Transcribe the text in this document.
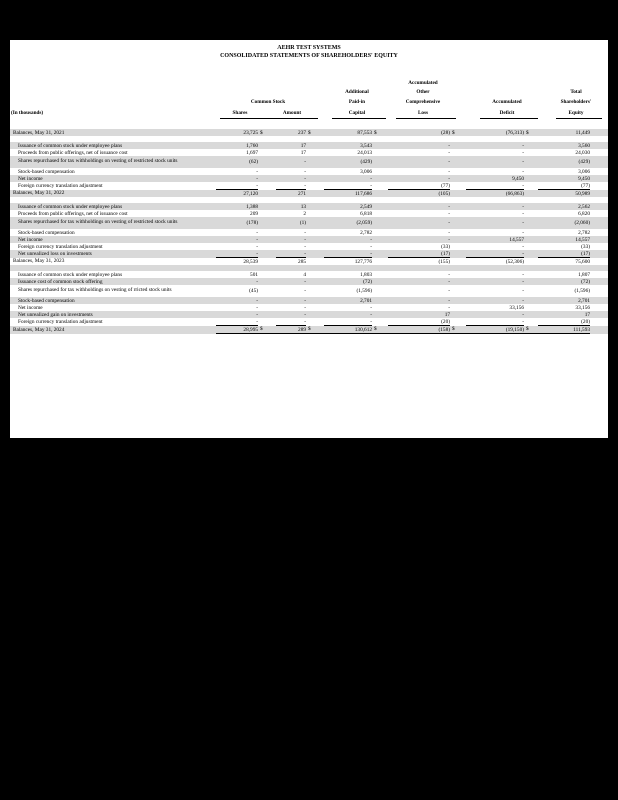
AEHR TEST SYSTEMS
CONSOLIDATED STATEMENTS OF SHAREHOLDERS' EQUITY
Accumulated
Other
Additional	Total
Common Stock	Paid-in	Comprehensive	Accumulated	Shareholders'
(In thousands)	Shares	Amount	Capital	Loss	Deficit	Equity
Balances, May 31, 2021	23,725	$	237	$	87,553	$	(28)	$	(76,313)	$	11,449	

Issuance of common stock under employee plans	1,760		17		3,543		-		-		3,560	
Proceeds from public offerings, net of issuance cost	1,697		17		24,013		-		-		24,030	
Shares repurchased for tax withholdings on vesting of restricted stock units	(62)		-		(429)		-		-		(429)	
Stock-based compensation	-		-		3,006		-		-		3,006	
Net income	-		-		-		-		9,450		9,450	
Foreign currency translation adjustment	-		-		-		(77)		-		(77)	
Balances, May 31, 2022	27,120		271		117,686		(105)		(66,863)		50,989	

Issuance of common stock under employee plans	1,388		13		2,549		-		-		2,562	
Proceeds from public offerings, net of issuance cost	209		2		6,818		-		-		6,820	
Shares repurchased for tax withholdings on vesting of restricted stock units	(178)		(1)		(2,059)		-		-		(2,060)	
Stock-based compensation	-		-		2,782		-		-		2,782	
Net income	-		-		-		-		14,557		14,557	
Foreign currency translation adjustment	-		-		-		(33)		-		(33)	
Net unrealized loss on investments	-		-		-		(17)		-		(17)	
Balances, May 31, 2023	28,539		285		127,776		(155)		(52,306)		75,600	

Issuance of common stock under employee plans	501		4		1,803		-		-		1,807	
Issuance cost of common stock offering	-		-		(72)		-		-		(72)	
Shares repurchased for tax withholdings on vesting of rricted stock units	(45)		-		(1,596)		-		-		(1,596)	
Stock-based compensation	-		-		2,701		-		-		2,701	
Net income	-		-		-		-		33,156		33,156	
Net unrealized gain on investments	-		-		-		17		-		17	
Foreign currency translation adjustment	-		-		-		(20)		-		(20)	
Balances, May 31, 2024	28,995	$	289	$	130,612	$	(158)	$	(19,150)	$	111,593	
